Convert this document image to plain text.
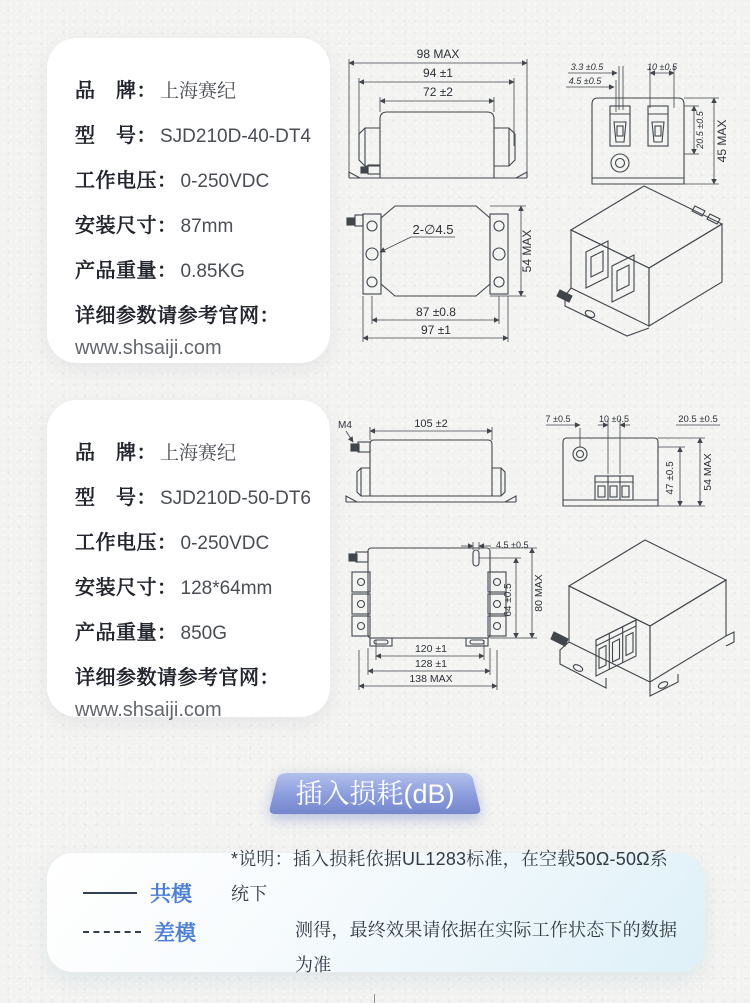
品　牌： 上海赛纪
型　号： SJD210D-40-DT4
工作电压： 0-250VDC
安装尺寸： 87mm
产品重量： 0.85KG
详细参数请参考官网：
www.shsaiji.com
98 MAX
94 ±1
72 ±2
3.3 ±0.5
4.5 ±0.5
10 ±0.5
20.5 ±0.5 45 MAX
2-∅4.5
54 MAX
87 ±0.8
97 ±1
品　牌： 上海赛纪
型　号： SJD210D-50-DT6
工作电压： 0-250VDC
安装尺寸： 128*64mm
产品重量： 850G
详细参数请参考官网：
www.shsaiji.com
M4	105 ±2	7 ±0.5	10 ±0.5	20.5 ±0.5
47 ±0.5 54 MAX
4.5 ±0.5
64 ±0.5 80 MAX
120 ±1
128 ±1
138 MAX
插入损耗(dB)
共模
差模
*说明：插入损耗依据UL1283标准，在空载50Ω-50Ω系统下
测得，最终效果请依据在实际工作状态下的数据为准
